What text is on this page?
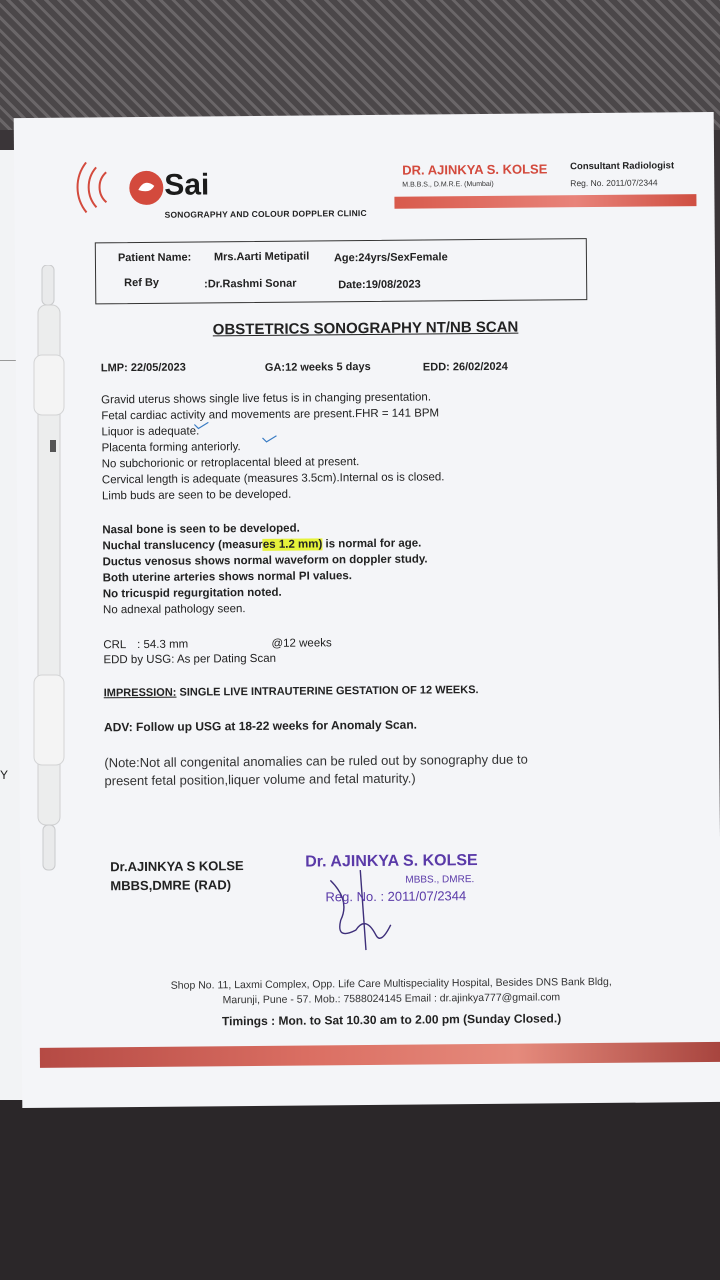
Y
Sai
SONOGRAPHY AND COLOUR DOPPLER CLINIC
DR. AJINKYA S. KOLSE
M.B.B.S., D.M.R.E. (Mumbai)
Consultant Radiologist
Reg. No. 2011/07/2344
Patient Name: Mrs.Aarti Metipatil Age:24yrs/SexFemale
Ref By	:Dr.Rashmi Sonar	Date:19/08/2023
OBSTETRICS SONOGRAPHY NT/NB SCAN
LMP: 22/05/2023	GA:12 weeks 5 days	EDD: 26/02/2024
Gravid uterus shows single live fetus is in changing presentation.
Fetal cardiac activity and movements are present.FHR = 141 BPM
Liquor is adequate.
Placenta forming anteriorly.
No subchorionic or retroplacental bleed at present.
Cervical length is adequate (measures 3.5cm).Internal os is closed.
Limb buds are seen to be developed.
Nasal bone is seen to be developed.
Nuchal translucency (measures 1.2 mm) is normal for age.
Ductus venosus shows normal waveform on doppler study.
Both uterine arteries shows normal PI values.
No tricuspid regurgitation noted.
No adnexal pathology seen.
CRL : 54.3 mm	@12 weeks
EDD by USG: As per Dating Scan
IMPRESSION: SINGLE LIVE INTRAUTERINE GESTATION OF 12 WEEKS.
ADV: Follow up USG at 18-22 weeks for Anomaly Scan.
(Note:Not all congenital anomalies can be ruled out by sonography due to
present fetal position,liquer volume and fetal maturity.)
Dr.AJINKYA S KOLSE
MBBS,DMRE (RAD)
Dr. AJINKYA S. KOLSE
MBBS., DMRE.
Reg. No. : 2011/07/2344
Shop No. 11, Laxmi Complex, Opp. Life Care Multispeciality Hospital, Besides DNS Bank Bldg,
Marunji, Pune - 57. Mob.: 7588024145 Email : dr.ajinkya777@gmail.com
Timings : Mon. to Sat 10.30 am to 2.00 pm (Sunday Closed.)
